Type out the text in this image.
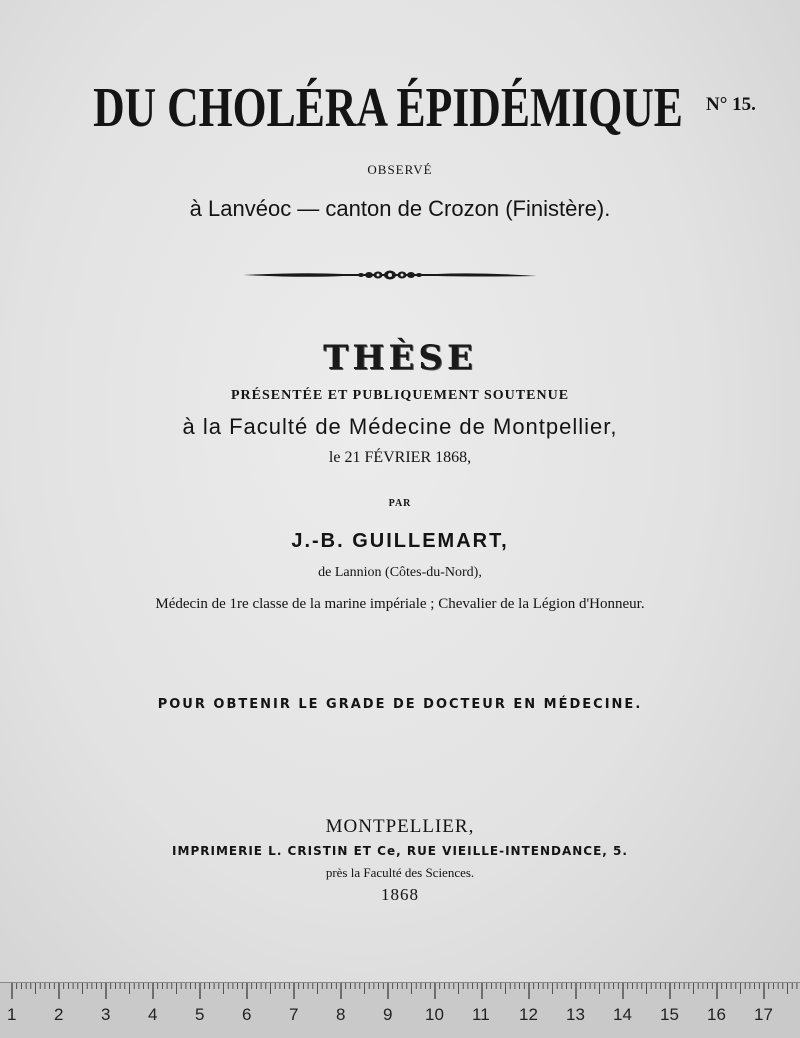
DU CHOLÉRA ÉPIDÉMIQUE	N° 15.
OBSERVÉ
à Lanvéoc — canton de Crozon (Finistère).
THÈSE
PRÉSENTÉE ET PUBLIQUEMENT SOUTENUE
à la Faculté de Médecine de Montpellier,
le 21 FÉVRIER 1868,
PAR
J.-B. GUILLEMART,
de Lannion (Côtes-du-Nord),
Médecin de 1re classe de la marine impériale ; Chevalier de la Légion d'Honneur.
POUR OBTENIR LE GRADE DE DOCTEUR EN MÉDECINE.
MONTPELLIER,
IMPRIMERIE L. CRISTIN ET Ce, RUE VIEILLE-INTENDANCE, 5.
près la Faculté des Sciences.
1868
1 2 3 4 5 6 7 8 9 10 11 12 13 14 15 16 17
